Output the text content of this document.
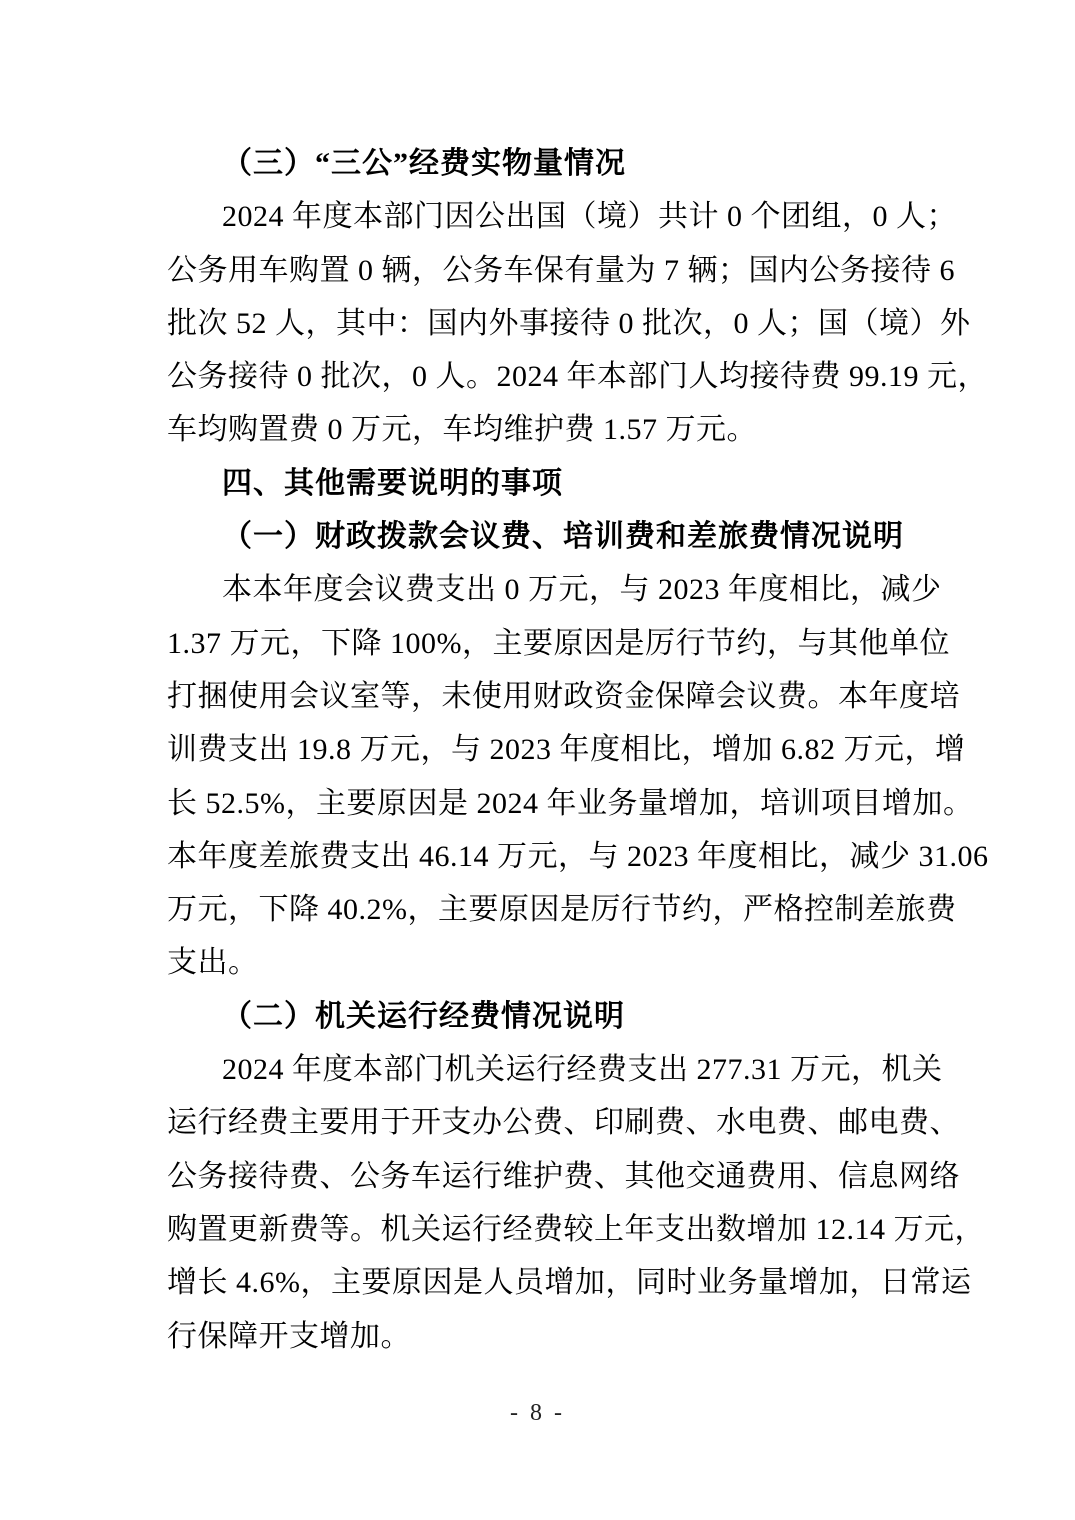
（三）“三公”经费实物量情况
2024 年度本部门因公出国（境）共计 0 个团组，0 人；
公务用车购置 0 辆，公务车保有量为 7 辆；国内公务接待 6
批次 52 人，其中：国内外事接待 0 批次，0 人；国（境）外
公务接待 0 批次，0 人。2024 年本部门人均接待费 99.19 元，
车均购置费 0 万元，车均维护费 1.57 万元。
四、其他需要说明的事项
（一）财政拨款会议费、培训费和差旅费情况说明
本本年度会议费支出 0 万元，与 2023 年度相比，减少
1.37 万元，下降 100%，主要原因是厉行节约，与其他单位
打捆使用会议室等，未使用财政资金保障会议费。本年度培
训费支出 19.8 万元，与 2023 年度相比，增加 6.82 万元，增
长 52.5%，主要原因是 2024 年业务量增加，培训项目增加。
本年度差旅费支出 46.14 万元，与 2023 年度相比，减少 31.06
万元，下降 40.2%，主要原因是厉行节约，严格控制差旅费
支出。
（二）机关运行经费情况说明
2024 年度本部门机关运行经费支出 277.31 万元，机关
运行经费主要用于开支办公费、印刷费、水电费、邮电费、
公务接待费、公务车运行维护费、其他交通费用、信息网络
购置更新费等。机关运行经费较上年支出数增加 12.14 万元，
增长 4.6%，主要原因是人员增加，同时业务量增加，日常运
行保障开支增加。
- 8 -
